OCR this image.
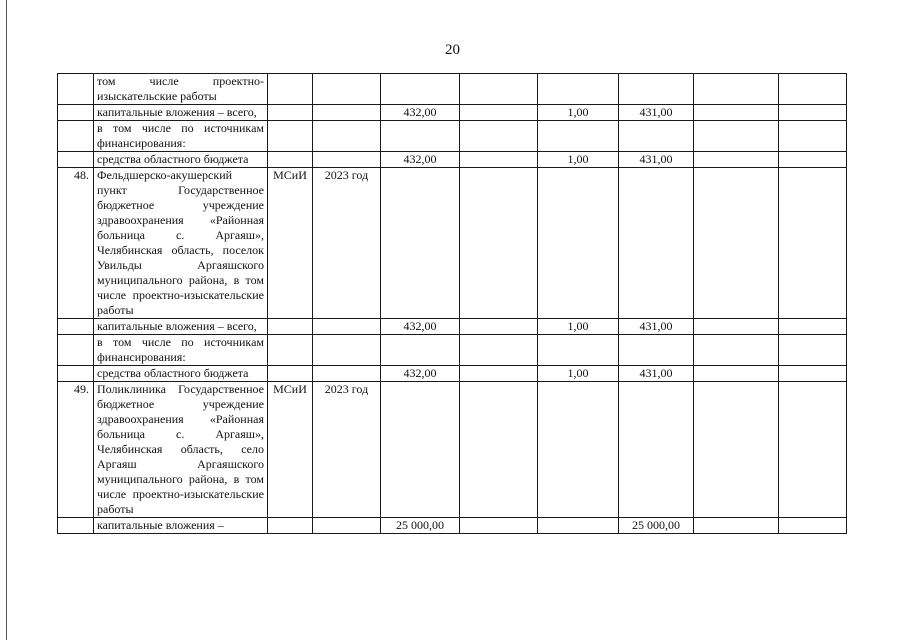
20
	том числе проектно-изыскательские работы								
	капитальные вложения – всего,			432,00		1,00	431,00		
	в том числе по источникам финансирования:								
	средства областного бюджета			432,00		1,00	431,00		
48.	Фельдшерско-акушерский пункт Государственное бюджетное учреждение здравоохранения «Районная больница с. Аргаяш», Челябинская область, поселок Увильды Аргаяшского муниципального района, в том числе проектно-изыскательские работы	МСиИ	2023 год						
	капитальные вложения – всего,			432,00		1,00	431,00		
	в том числе по источникам финансирования:								
	средства областного бюджета			432,00		1,00	431,00		
49.	Поликлиника Государственное бюджетное учреждение здравоохранения «Районная больница с. Аргаяш», Челябинская область, село Аргаяш Аргаяшского муниципального района, в том числе проектно-изыскательские работы	МСиИ	2023 год						
	капитальные вложения –			25 000,00			25 000,00		
